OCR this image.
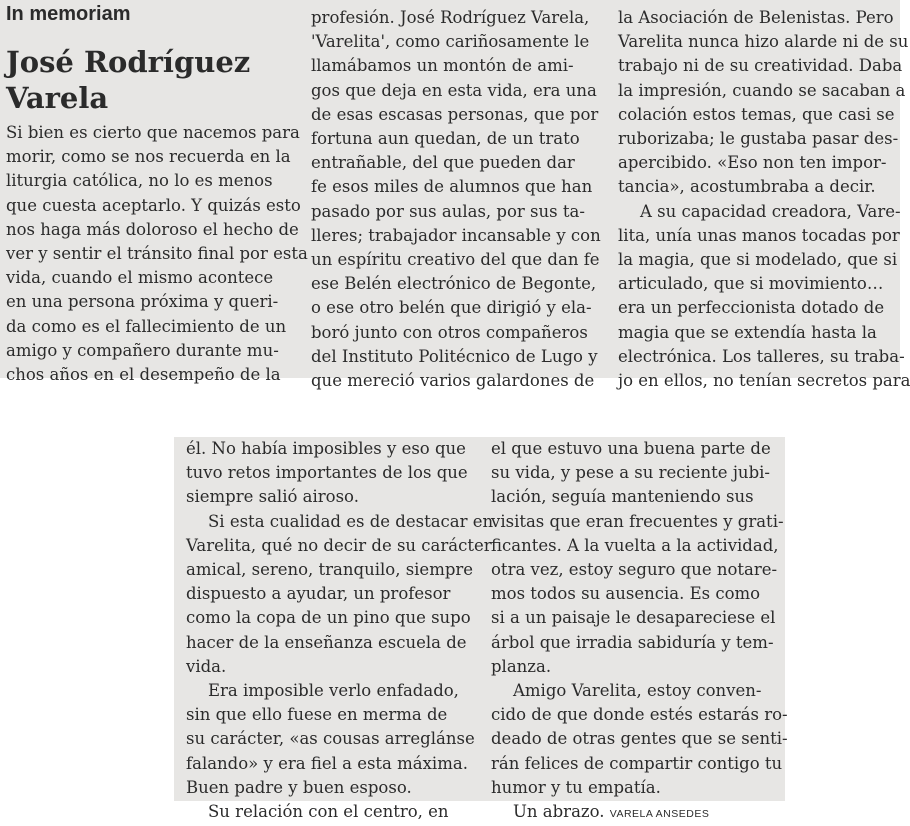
In memoriam
José Rodríguez
Varela
Si bien es cierto que nacemos para
morir, como se nos recuerda en la
liturgia católica, no lo es menos
que cuesta aceptarlo. Y quizás esto
nos haga más doloroso el hecho de
ver y sentir el tránsito final por esta
vida, cuando el mismo acontece
en una persona próxima y queri-
da como es el fallecimiento de un
amigo y compañero durante mu-
chos años en el desempeño de la
profesión. José Rodríguez Varela,
'Varelita', como cariñosamente le
llamábamos un montón de ami-
gos que deja en esta vida, era una
de esas escasas personas, que por
fortuna aun quedan, de un trato
entrañable, del que pueden dar
fe esos miles de alumnos que han
pasado por sus aulas, por sus ta-
lleres; trabajador incansable y con
un espíritu creativo del que dan fe
ese Belén electrónico de Begonte,
o ese otro belén que dirigió y ela-
boró junto con otros compañeros
del Instituto Politécnico de Lugo y
que mereció varios galardones de
la Asociación de Belenistas. Pero
Varelita nunca hizo alarde ni de su
trabajo ni de su creatividad. Daba
la impresión, cuando se sacaban a
colación estos temas, que casi se
ruborizaba; le gustaba pasar des-
apercibido. «Eso non ten impor-
tancia», acostumbraba a decir.
A su capacidad creadora, Vare-
lita, unía unas manos tocadas por
la magia, que si modelado, que si
articulado, que si movimiento…
era un perfeccionista dotado de
magia que se extendía hasta la
electrónica. Los talleres, su traba-
jo en ellos, no tenían secretos para
él. No había imposibles y eso que
tuvo retos importantes de los que
siempre salió airoso.
Si esta cualidad es de destacar en
Varelita, qué no decir de su carácter
amical, sereno, tranquilo, siempre
dispuesto a ayudar, un profesor
como la copa de un pino que supo
hacer de la enseñanza escuela de
vida.
Era imposible verlo enfadado,
sin que ello fuese en merma de
su carácter, «as cousas arreglánse
falando» y era fiel a esta máxima.
Buen padre y buen esposo.
Su relación con el centro, en
el que estuvo una buena parte de
su vida, y pese a su reciente jubi-
lación, seguía manteniendo sus
visitas que eran frecuentes y grati-
ficantes. A la vuelta a la actividad,
otra vez, estoy seguro que notare-
mos todos su ausencia. Es como
si a un paisaje le desapareciese el
árbol que irradia sabiduría y tem-
planza.
Amigo Varelita, estoy conven-
cido de que donde estés estarás ro-
deado de otras gentes que se senti-
rán felices de compartir contigo tu
humor y tu empatía.
Un abrazo. VARELA ANSEDES
